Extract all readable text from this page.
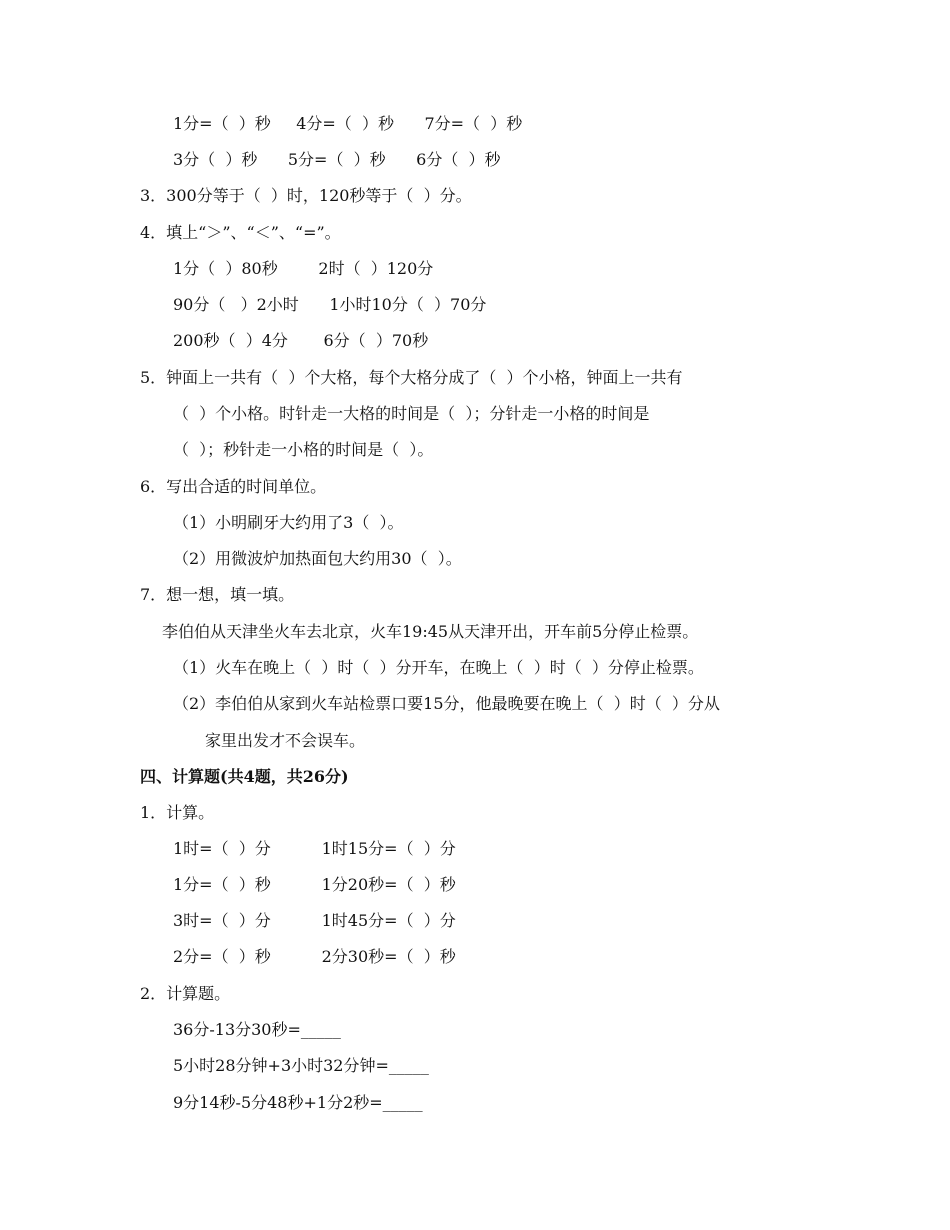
1分=（  ）秒     4分=（  ）秒      7分=（  ）秒
3分（  ）秒      5分=（  ）秒      6分（  ）秒
3．300分等于（  ）时，120秒等于（  ）分。
4．填上“＞”、“＜”、“=”。
1分（  ）80秒        2时（  ）120分
90分（   ）2小时      1小时10分（  ）70分
200秒（  ）4分       6分（  ）70秒
5．钟面上一共有（  ）个大格，每个大格分成了（  ）个小格，钟面上一共有
（  ）个小格。时针走一大格的时间是（  ）；分针走一小格的时间是
（  ）；秒针走一小格的时间是（  ）。
6．写出合适的时间单位。
（1）小明刷牙大约用了3（  ）。
（2）用微波炉加热面包大约用30（  ）。
7．想一想，填一填。
李伯伯从天津坐火车去北京，火车19:45从天津开出，开车前5分停止检票。
（1）火车在晚上（  ）时（  ）分开车，在晚上（  ）时（  ）分停止检票。
（2）李伯伯从家到火车站检票口要15分，他最晚要在晚上（  ）时（  ）分从
家里出发才不会误车。
四、计算题(共4题，共26分)
1．计算。
1时=（  ）分          1时15分=（  ）分
1分=（  ）秒          1分20秒=（  ）秒
3时=（  ）分          1时45分=（  ）分
2分=（  ）秒          2分30秒=（  ）秒
2．计算题。
36分-13分30秒=_____
5小时28分钟+3小时32分钟=_____
9分14秒-5分48秒+1分2秒=_____
